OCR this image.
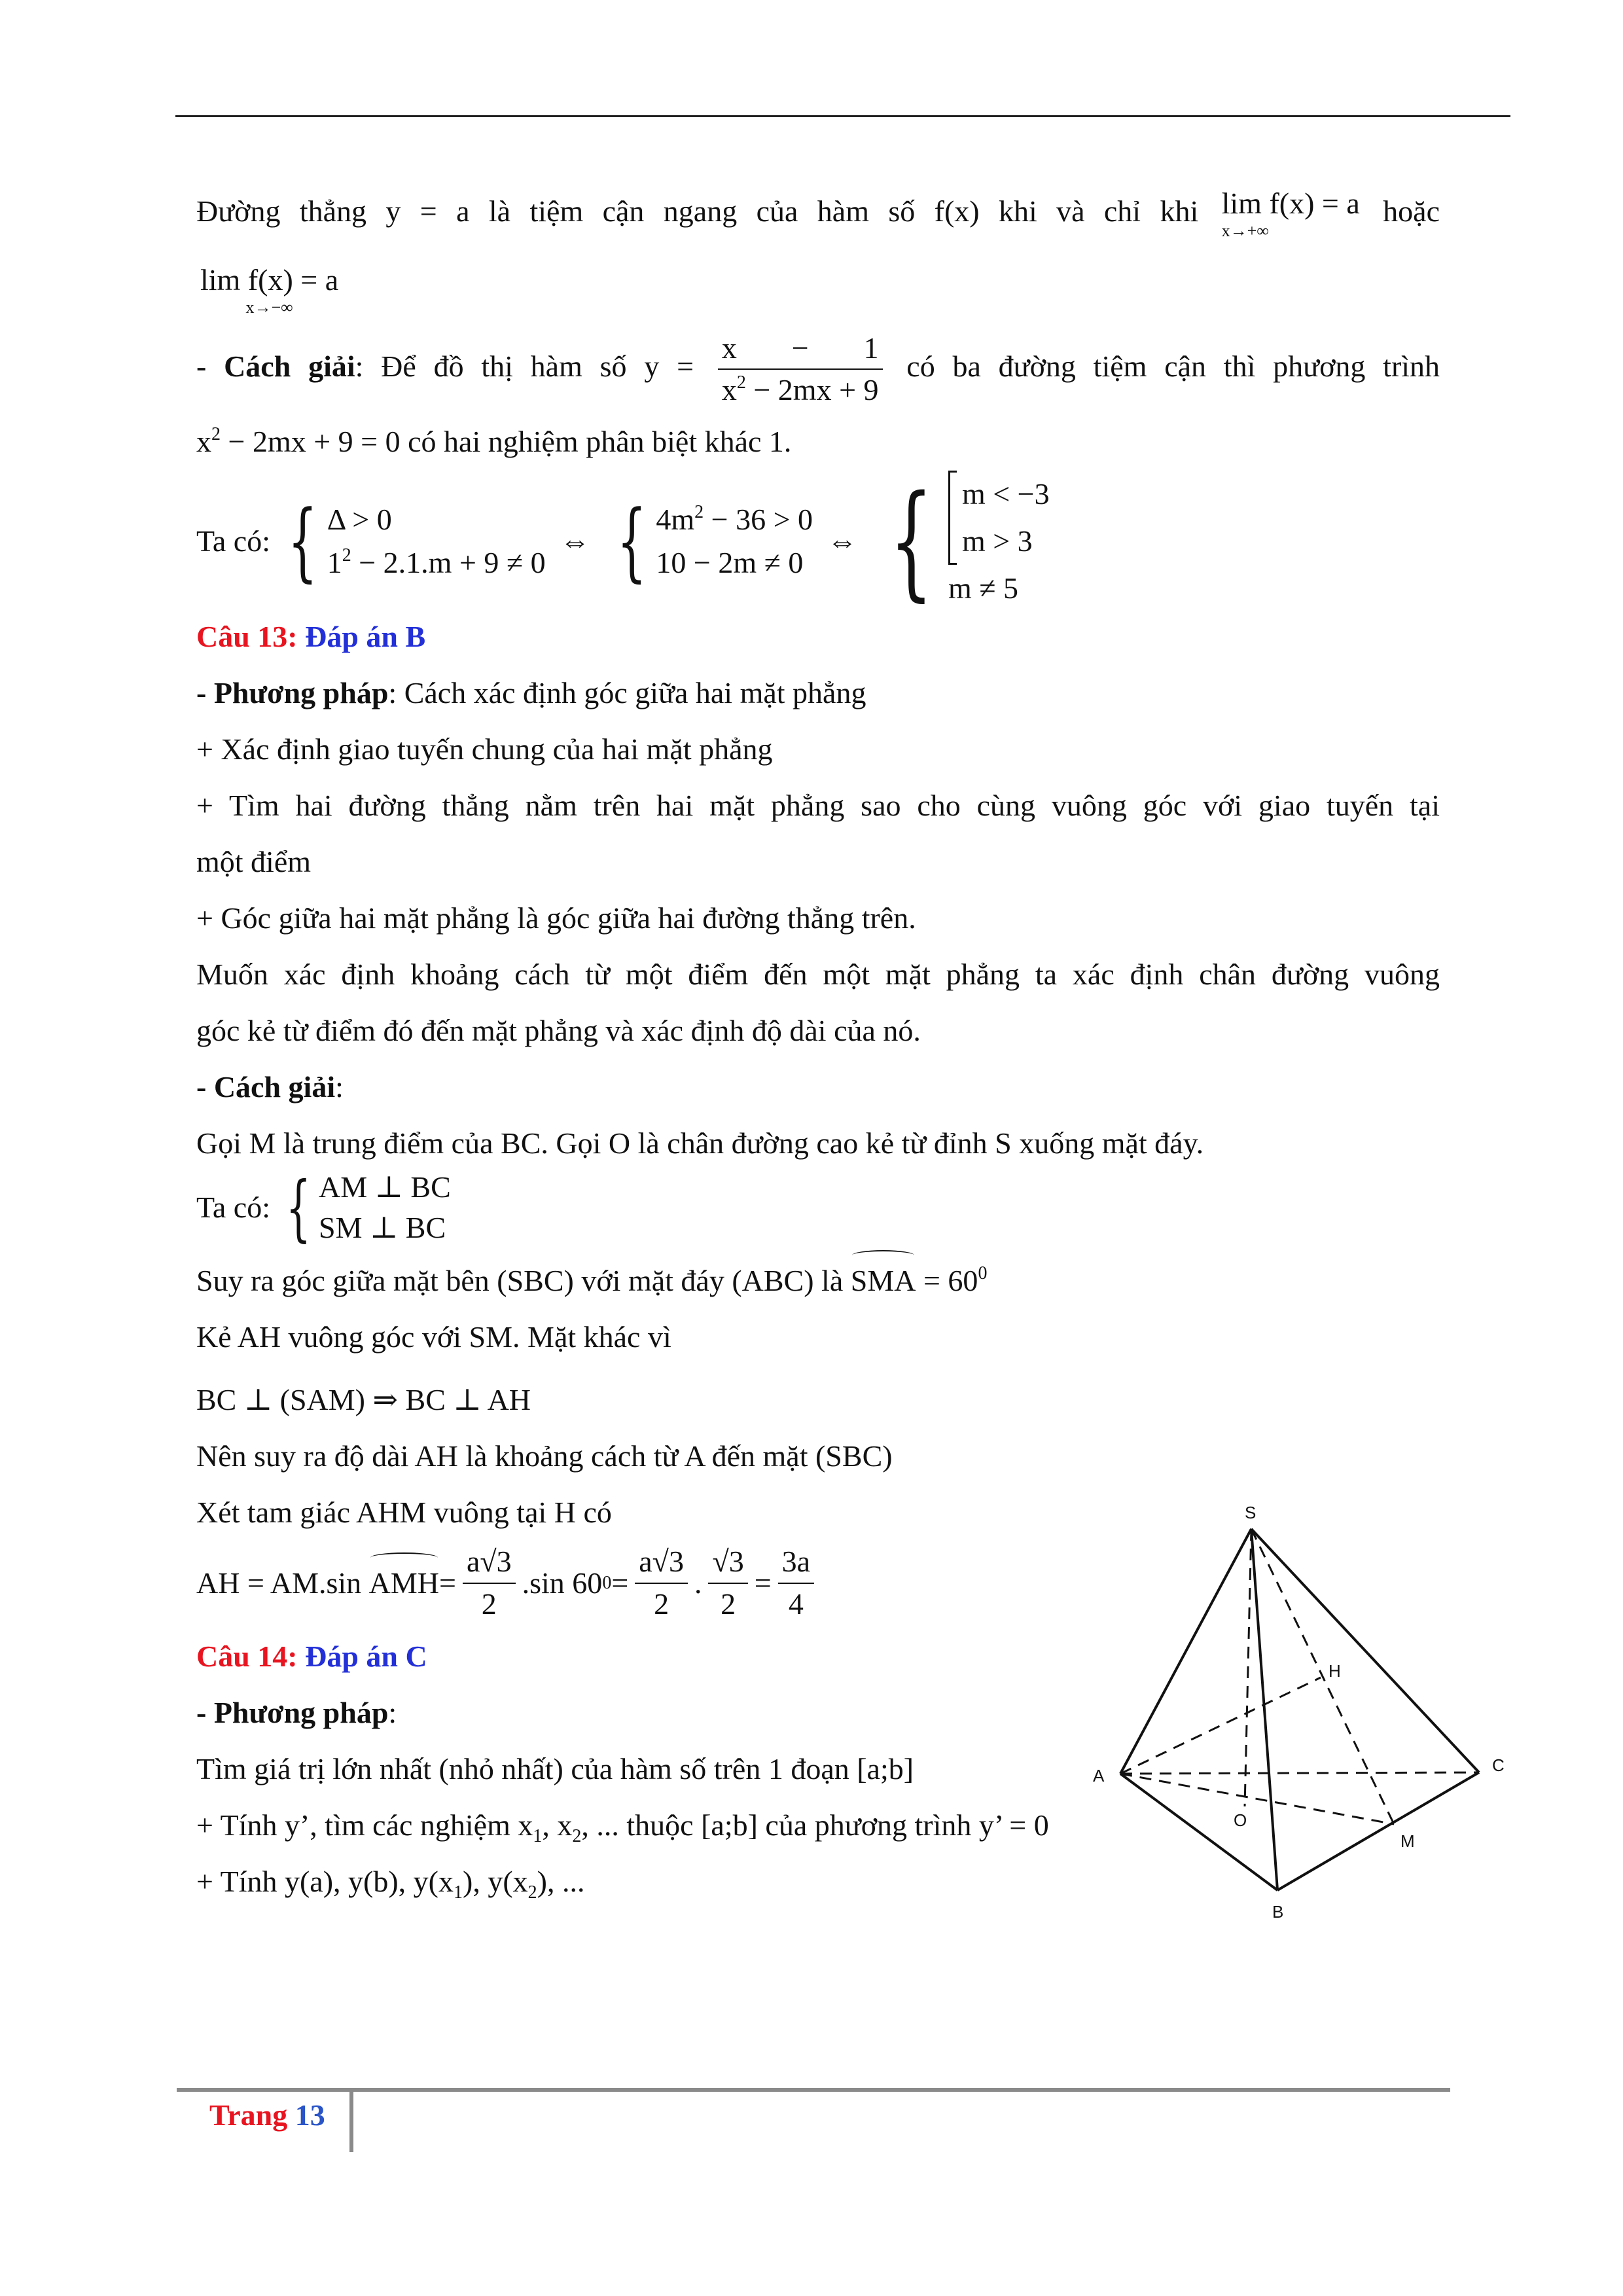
Đường thẳng y = a là tiệm cận ngang của hàm số f(x) khi và chỉ khi lim f(x) = a
x→+∞
hoặc
lim f(x) = a
x→−∞
- Cách giải: Để đồ thị hàm số $y = \frac{x - 1}{x^2 - 2mx + 9}$ có ba đường tiệm cận thì phương trình
$x^2 - 2mx + 9 = 0$ có hai nghiệm phân biệt khác 1.
Ta có: { Δ > 0
$1^2 - 2.1.m + 9 \ne 0$
⇔ { $4m^2 - 36 > 0$
10 − 2m ≠ 0
⇔ { m < −3
m > 3
m ≠ 5
Câu 13: Đáp án B
- Phương pháp: Cách xác định góc giữa hai mặt phẳng
+ Xác định giao tuyến chung của hai mặt phẳng
+ Tìm hai đường thẳng nằm trên hai mặt phẳng sao cho cùng vuông góc với giao tuyến tại
một điểm
+ Góc giữa hai mặt phẳng là góc giữa hai đường thẳng trên.
Muốn xác định khoảng cách từ một điểm đến một mặt phẳng ta xác định chân đường vuông
góc kẻ từ điểm đó đến mặt phẳng và xác định độ dài của nó.
- Cách giải:
Gọi M là trung điểm của BC. Gọi O là chân đường cao kẻ từ đỉnh S xuống mặt đáy.
Ta có: { AM ⊥ BC
SM ⊥ BC
Suy ra góc giữa mặt bên (SBC) với mặt đáy (ABC) là SMA = $60^0$
Kẻ AH vuông góc với SM. Mặt khác vì
BC ⊥ (SAM) ⇒ BC ⊥ AH
Nên suy ra độ dài AH là khoảng cách từ A đến mặt (SBC)
Xét tam giác AHM vuông tại H có
AH = AM.sin
AMH = $\frac{a√3}{2} .\sin$ 60 $0 = \frac{a√3}{2}$ . $\frac{√3}{2} = \frac{3a}{4}$
Câu 14: Đáp án C
- Phương pháp:
Tìm giá trị lớn nhất (nhỏ nhất) của hàm số trên 1 đoạn [a;b]
+ Tính y’, tìm các nghiệm $x_1$, $x_2$, ... thuộc [a;b] của phương trình y’ = 0
+ Tính y(a), y(b), $y(x_1)$, $y(x_2)$, ...
S
H
A
C
O
M
B
Trang 13
